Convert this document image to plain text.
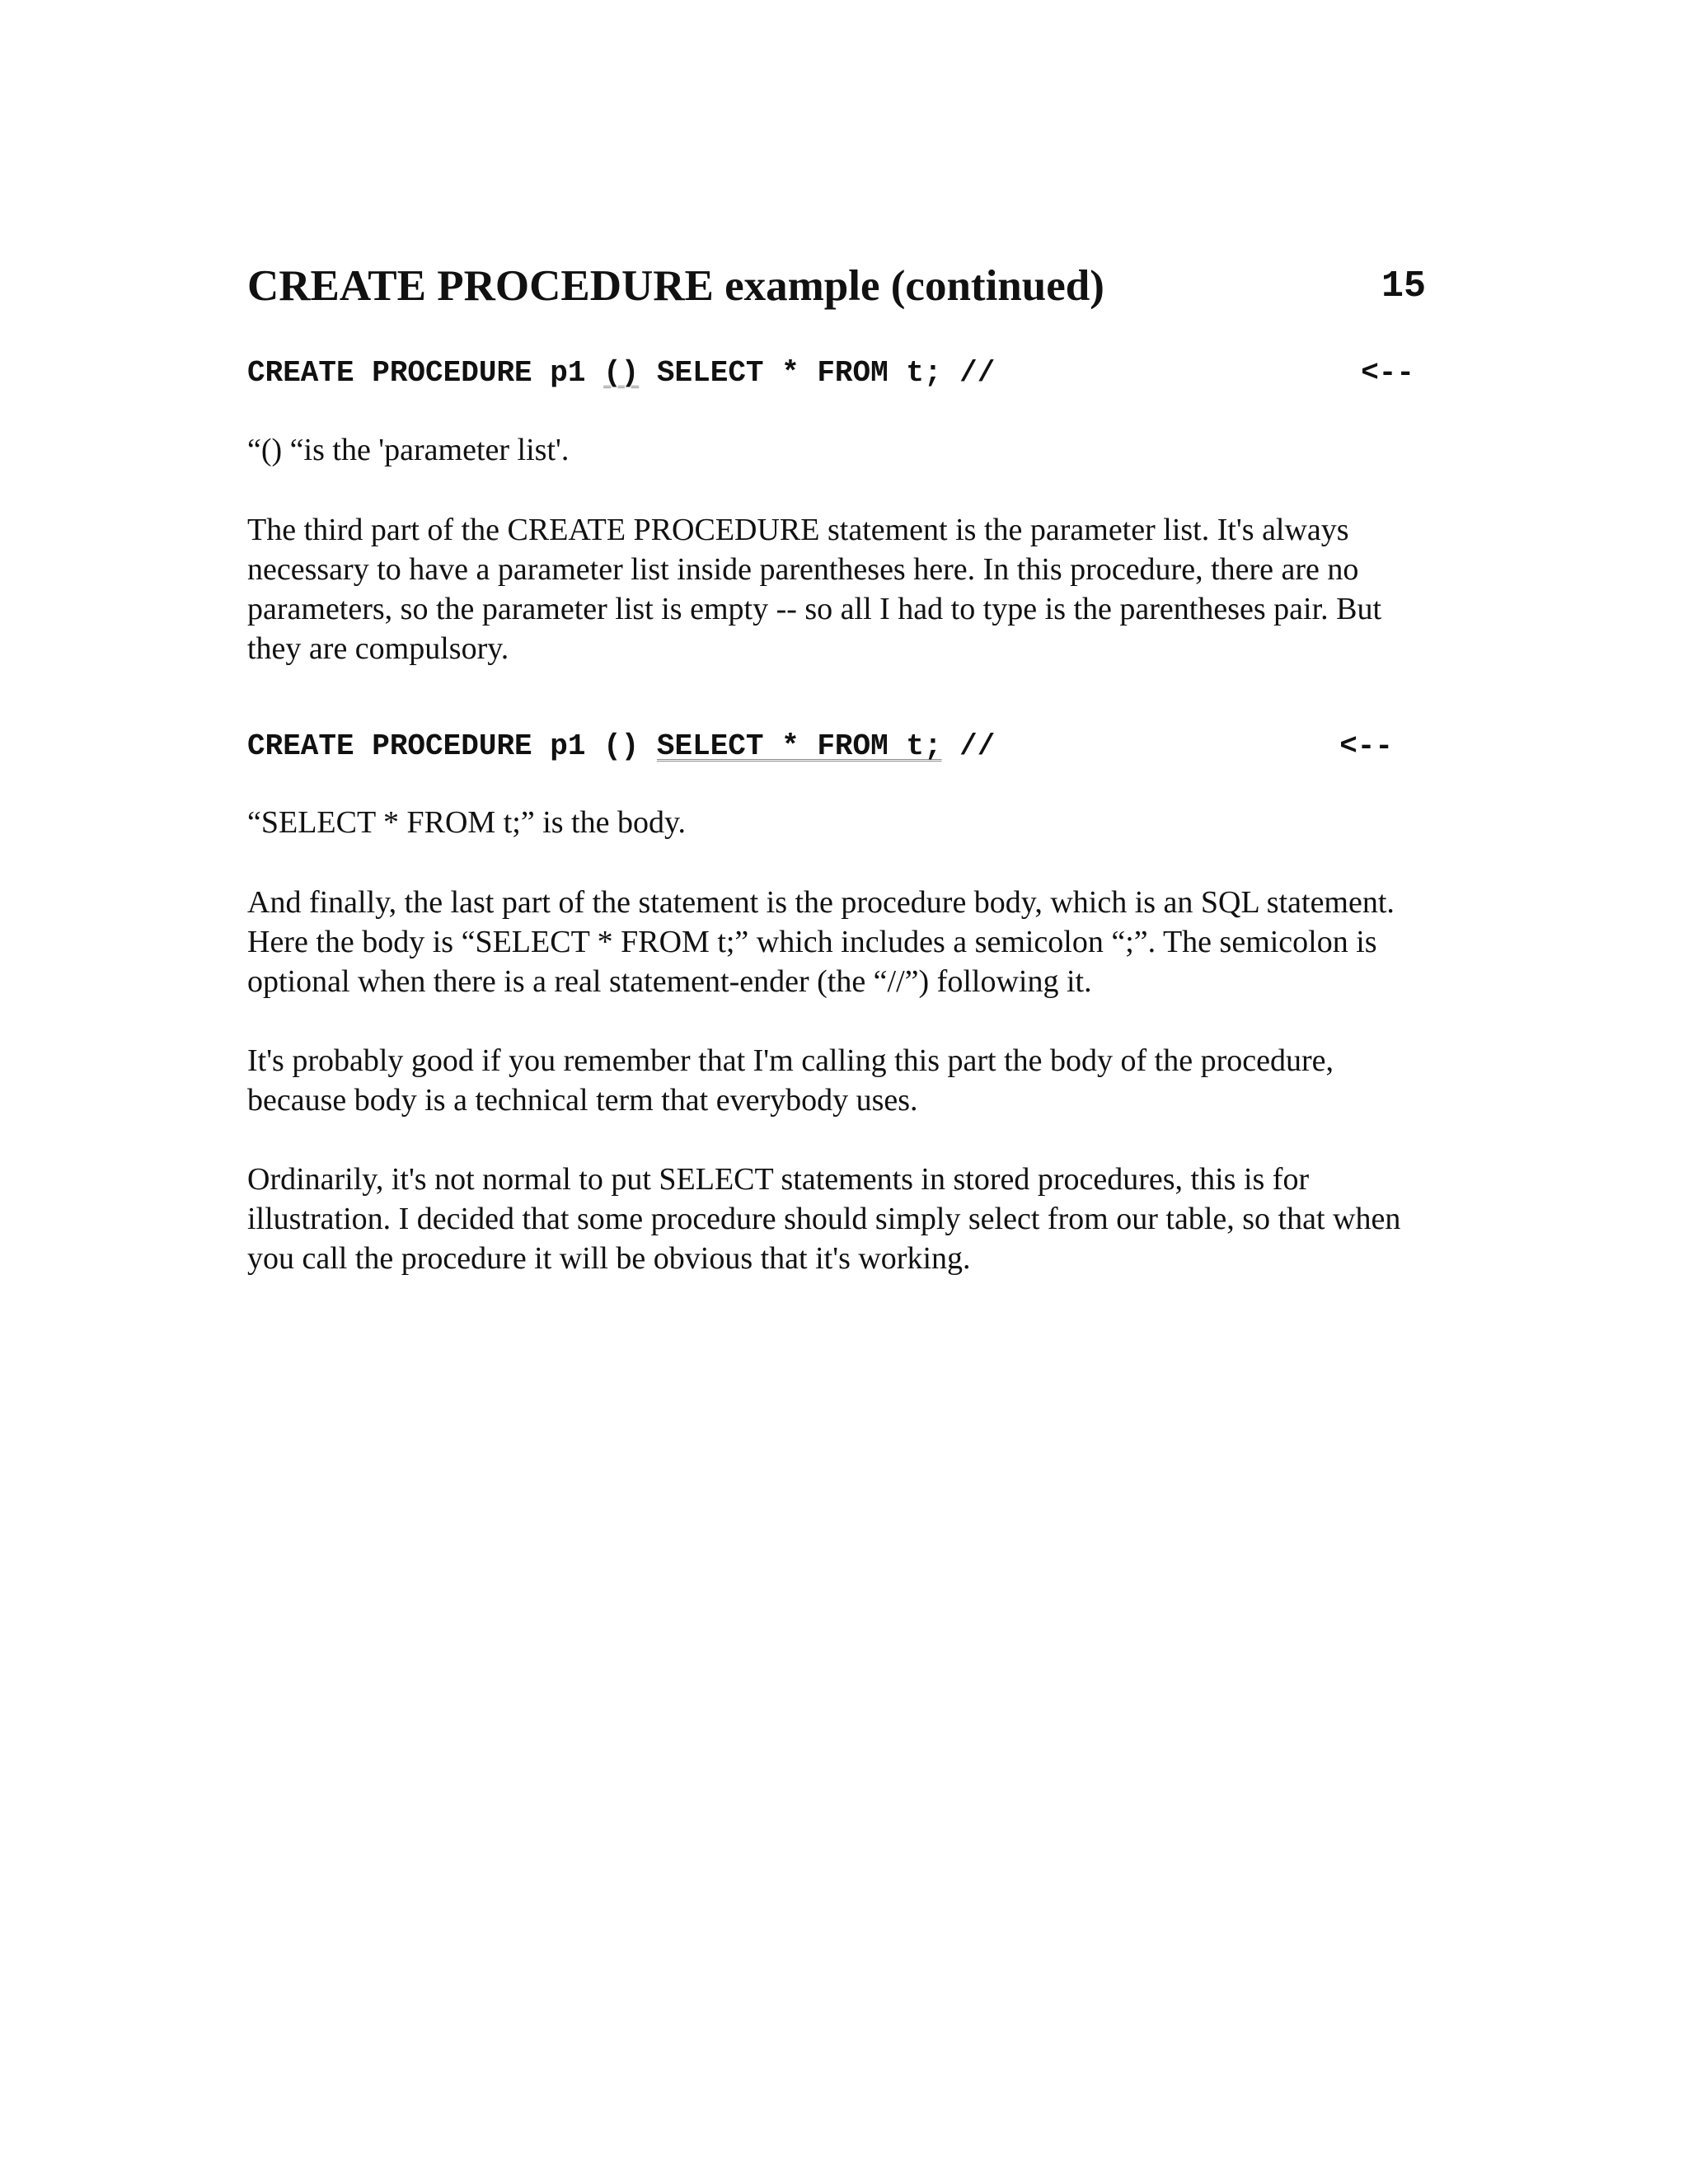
CREATE PROCEDURE example (continued)	15

CREATE PROCEDURE p1 () SELECT * FROM t; //

	<--

“() “is the 'parameter list'.

The third part of the CREATE PROCEDURE statement is the parameter list. It's always necessary to have a parameter list inside parentheses here. In this procedure, there are no parameters, so the parameter list is empty -- so all I had to type is the parentheses pair. But they are compulsory.

CREATE PROCEDURE p1 () SELECT * FROM t; //

	<--

“SELECT * FROM t;” is the body.

And finally, the last part of the statement is the procedure body, which is an SQL statement. Here the body is “SELECT * FROM t;” which includes a semicolon “;”. The semicolon is optional when there is a real statement-ender (the “//”) following it.

It's probably good if you remember that I'm calling this part the body of the procedure, because body is a technical term that everybody uses.

Ordinarily, it's not normal to put SELECT statements in stored procedures, this is for illustration. I decided that some procedure should simply select from our table, so that when you call the procedure it will be obvious that it's working.
